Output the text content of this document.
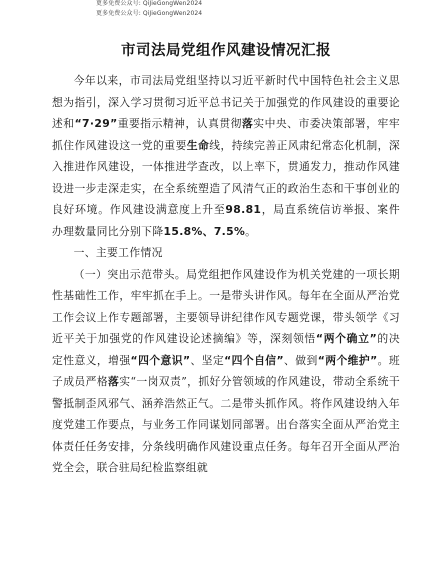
更多免费公众号: QiJieGongWen2024
更多免费公众号: QiJieGongWen2024
市司法局党组作风建设情况汇报

今年以来，市司法局党组坚持以习近平新时代中国特色社会主义思想为指引，深入学习贯彻习近平总书记关于加强党的作风建设的重要论述和“7·29”重要指示精神，认真贯彻落实中央、市委决策部署，牢牢抓住作风建设这一党的重要生命线，持续完善正风肃纪常态化机制，深入推进作风建设，一体推进学查改，以上率下，贯通发力，推动作风建设进一步走深走实，在全系统塑造了风清气正的政治生态和干事创业的良好环境。作风建设满意度上升至98.81，局直系统信访举报、案件办理数量同比分别下降15.8%、7.5%。

一、主要工作情况

（一）突出示范带头。局党组把作风建设作为机关党建的一项长期性基础性工作，牢牢抓在手上。一是带头讲作风。每年在全面从严治党工作会议上作专题部署，主要领导讲纪律作风专题党课，带头领学《习近平关于加强党的作风建设论述摘编》等，深刻领悟“两个确立”的决定性意义，增强“四个意识”、坚定“四个自信”、做到“两个维护”。班子成员严格落实“一岗双责”，抓好分管领域的作风建设，带动全系统干警抵制歪风邪气、涵养浩然正气。二是带头抓作风。将作风建设纳入年度党建工作要点，与业务工作同谋划同部署。出台落实全面从严治党主体责任任务安排，分条线明确作风建设重点任务。每年召开全面从严治党全会，联合驻局纪检监察组就
